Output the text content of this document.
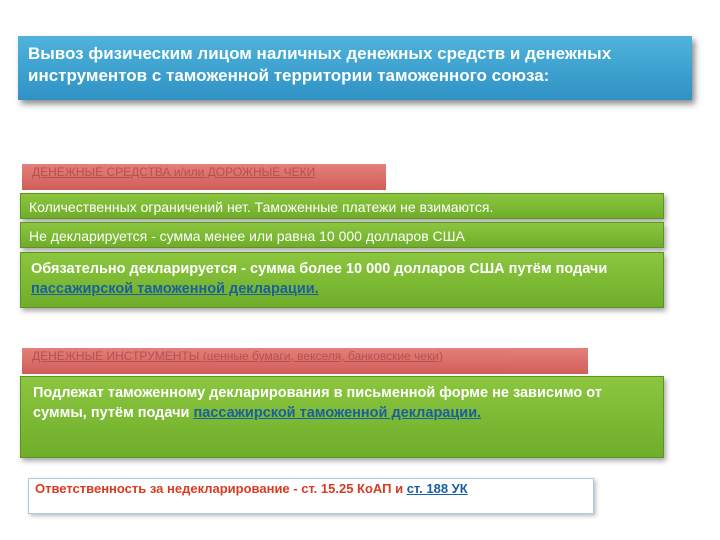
Вывоз физическим лицом наличных денежных средств и денежных инструментов с таможенной территории таможенного союза:
ДЕНЕЖНЫЕ СРЕДСТВА и/или ДОРОЖНЫЕ ЧЕКИ
Количественных ограничений нет. Таможенные платежи не взимаются.
Не декларируется - сумма менее или равна 10 000 долларов США
Обязательно декларируется - сумма более 10 000 долларов США путём подачи пассажирской таможенной декларации.
ДЕНЕЖНЫЕ ИНСТРУМЕНТЫ (ценные бумаги, векселя, банковские чеки)
Подлежат таможенному декларирования в письменной форме не зависимо от суммы, путём подачи пассажирской таможенной декларации.
Ответственность за недекларирование - ст. 15.25 КоАП и ст. 188 УК
